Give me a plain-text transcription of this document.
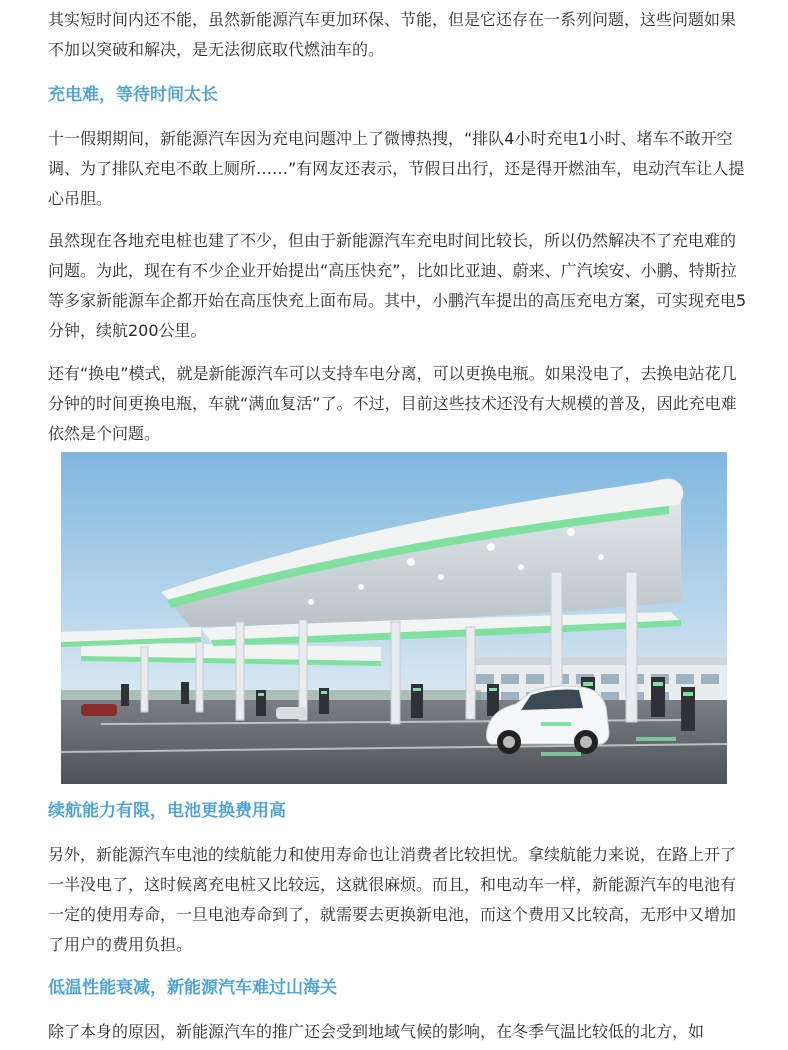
其实短时间内还不能，虽然新能源汽车更加环保、节能，但是它还存在一系列问题，这些问题如果不加以突破和解决，是无法彻底取代燃油车的。

充电难，等待时间太长

十一假期期间，新能源汽车因为充电问题冲上了微博热搜，“排队4小时充电1小时、堵车不敢开空调、为了排队充电不敢上厕所……”有网友还表示，节假日出行，还是得开燃油车，电动汽车让人提心吊胆。

虽然现在各地充电桩也建了不少，但由于新能源汽车充电时间比较长，所以仍然解决不了充电难的问题。为此，现在有不少企业开始提出“高压快充”，比如比亚迪、蔚来、广汽埃安、小鹏、特斯拉等多家新能源车企都开始在高压快充上面布局。其中，小鹏汽车提出的高压充电方案，可实现充电5分钟，续航200公里。

还有“换电”模式，就是新能源汽车可以支持车电分离，可以更换电瓶。如果没电了，去换电站花几分钟的时间更换电瓶，车就“满血复活”了。不过，目前这些技术还没有大规模的普及，因此充电难依然是个问题。

续航能力有限，电池更换费用高

另外，新能源汽车电池的续航能力和使用寿命也让消费者比较担忧。拿续航能力来说，在路上开了一半没电了，这时候离充电桩又比较远，这就很麻烦。而且，和电动车一样，新能源汽车的电池有一定的使用寿命，一旦电池寿命到了，就需要去更换新电池，而这个费用又比较高，无形中又增加了用户的费用负担。

低温性能衰减，新能源汽车难过山海关

除了本身的原因，新能源汽车的推广还会受到地域气候的影响，在冬季气温比较低的北方，如
